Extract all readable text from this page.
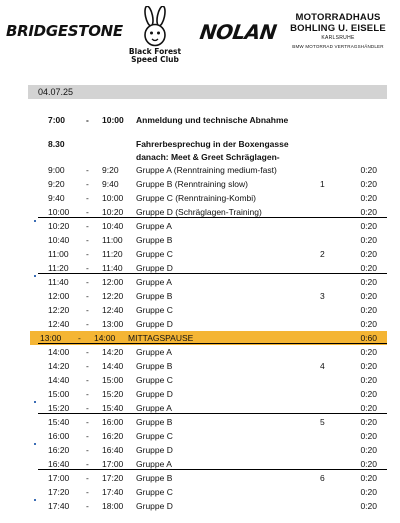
BRIDGESTONE
Black Forest
Speed Club
NOLAN
MOTORRADHAUS
BOHLING U. EISELE
KARLSRUHE
BMW MOTORRAD VERTRAGSHÄNDLER
04.07.25
7:00 - 10:00 Anmeldung und technische Abnahme
8.30	Fahrerbesprechug in der Boxengasse
danach: Meet & Greet Schräglagen-
9:00	- 9:20 Gruppe A (Renntraining medium-fast)	0:20
9:20	- 9:40 Gruppe B (Renntraining slow)	1	0:20
9:40	- 10:00 Gruppe C (Renntraining-Kombi)	0:20
10:00 - 10:20 Gruppe D (Schräglagen-Training)	0:20
10:20 - 10:40 Gruppe A	0:20
10:40 - 11:00 Gruppe B	0:20
11:00 - 11:20 Gruppe C	2	0:20
11:20 - 11:40 Gruppe D	0:20
11:40 - 12:00 Gruppe A	0:20
12:00 - 12:20 Gruppe B	3	0:20
12:20 - 12:40 Gruppe C	0:20
12:40 - 13:00 Gruppe D	0:20
13:00 - 14:00 MITTAGSPAUSE	0:60
14:00 - 14:20 Gruppe A	0:20
14:20 - 14:40 Gruppe B	4	0:20
14:40 - 15:00 Gruppe C	0:20
15:00 - 15:20 Gruppe D	0:20
15:20 - 15:40 Gruppe A	0:20
15:40 - 16:00 Gruppe B	5	0:20
16:00 - 16:20 Gruppe C	0:20
16:20 - 16:40 Gruppe D	0:20
16:40 - 17:00 Gruppe A	0:20
17:00 - 17:20 Gruppe B	6	0:20
17:20 - 17:40 Gruppe C	0:20
17:40 - 18:00 Gruppe D	0:20
